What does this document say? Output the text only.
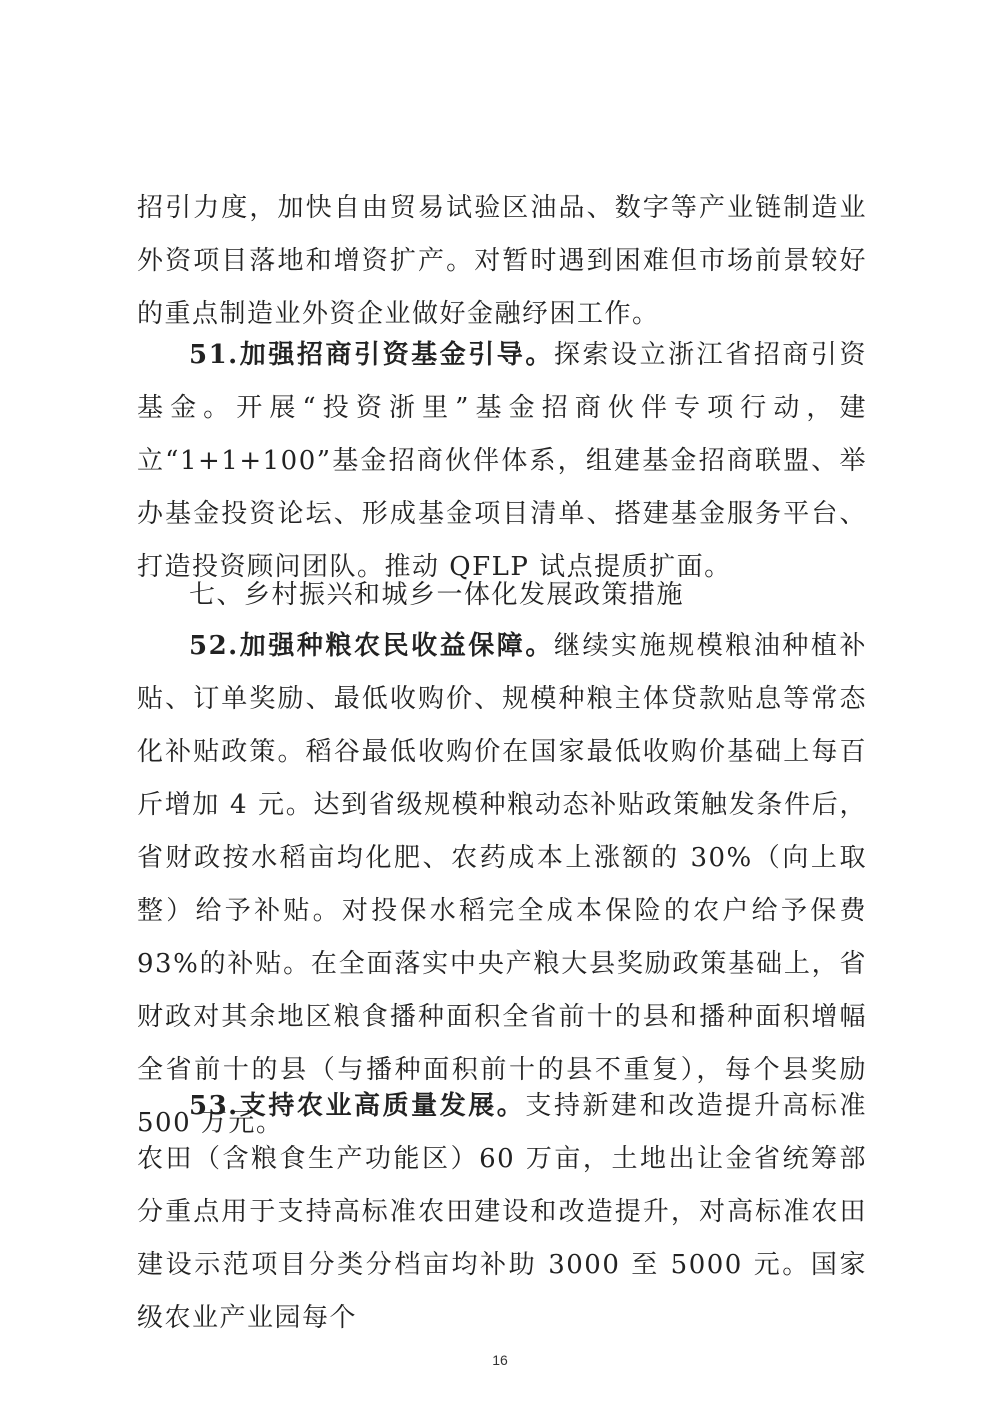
招引力度，加快自由贸易试验区油品、数字等产业链制造业外资项目落地和增资扩产。对暂时遇到困难但市场前景较好的重点制造业外资企业做好金融纾困工作。

51.加强招商引资基金引导。探索设立浙江省招商引资基金。开展“投资浙里”基金招商伙伴专项行动，建立“1+1+100”基金招商伙伴体系，组建基金招商联盟、举办基金投资论坛、形成基金项目清单、搭建基金服务平台、打造投资顾问团队。推动 QFLP 试点提质扩面。

七、乡村振兴和城乡一体化发展政策措施

52.加强种粮农民收益保障。继续实施规模粮油种植补贴、订单奖励、最低收购价、规模种粮主体贷款贴息等常态化补贴政策。稻谷最低收购价在国家最低收购价基础上每百斤增加 4 元。达到省级规模种粮动态补贴政策触发条件后，省财政按水稻亩均化肥、农药成本上涨额的 30%（向上取整）给予补贴。对投保水稻完全成本保险的农户给予保费 93%的补贴。在全面落实中央产粮大县奖励政策基础上，省财政对其余地区粮食播种面积全省前十的县和播种面积增幅全省前十的县（与播种面积前十的县不重复），每个县奖励 500 万元。

53.支持农业高质量发展。支持新建和改造提升高标准农田（含粮食生产功能区）60 万亩，土地出让金省统筹部分重点用于支持高标准农田建设和改造提升，对高标准农田建设示范项目分类分档亩均补助 3000 至 5000 元。国家级农业产业园每个

16
